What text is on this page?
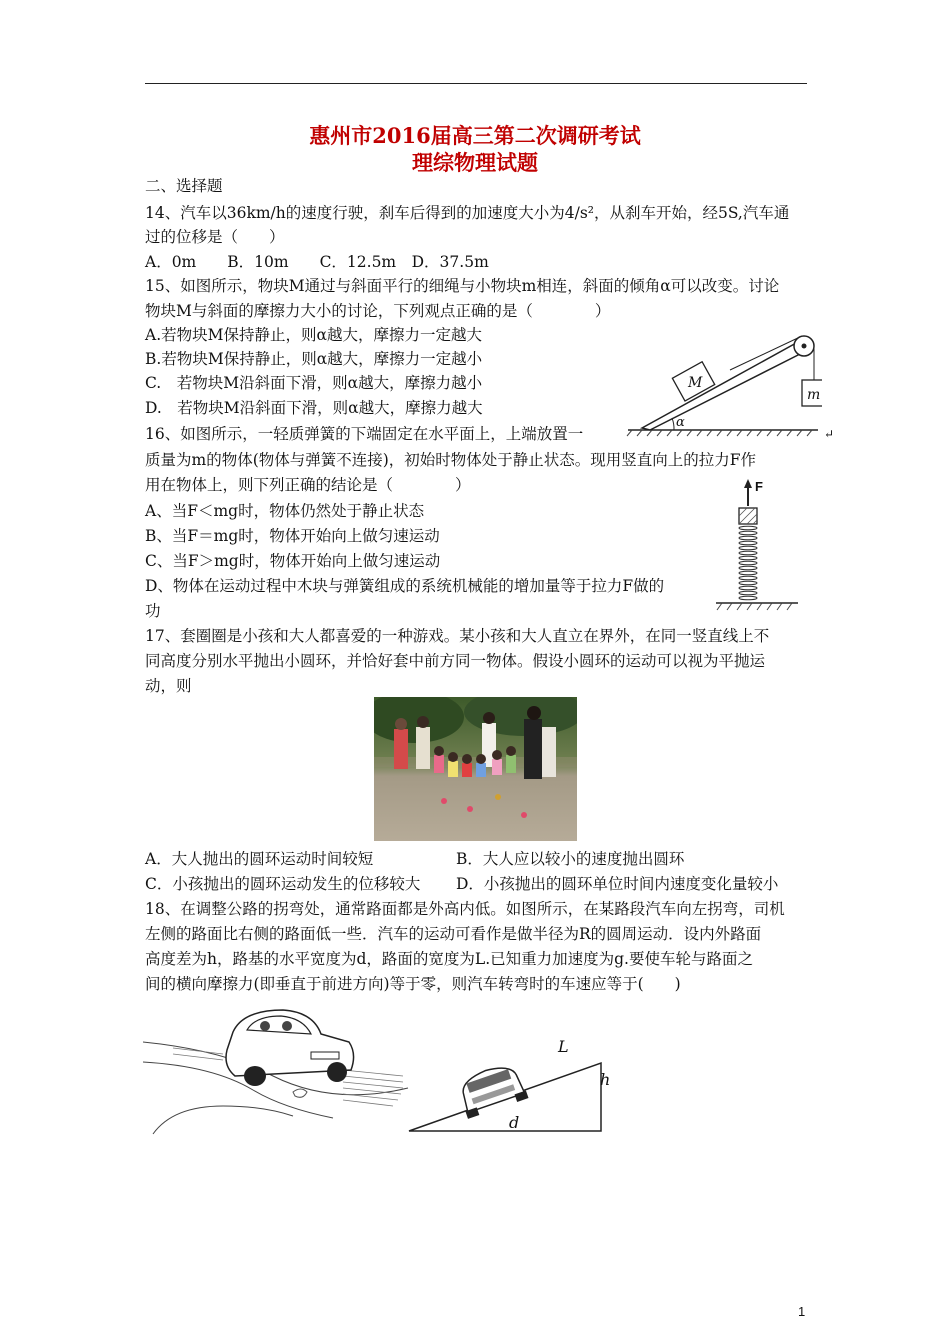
惠州市2016届高三第二次调研考试
理综物理试题
二、选择题
14、汽车以36km/h的速度行驶，刹车后得到的加速度大小为4/s²，从刹车开始，经5S,汽车通
过的位移是（　　）
A．0m　　B．10m　　C．12.5m　D．37.5m
15、如图所示，物块M通过与斜面平行的细绳与小物块m相连，斜面的倾角α可以改变。讨论
物块M与斜面的摩擦力大小的讨论，下列观点正确的是（　　　　）
A.若物块M保持静止，则α越大，摩擦力一定越大
B.若物块M保持静止，则α越大，摩擦力一定越小
C.　若物块M沿斜面下滑，则α越大，摩擦力越小
D.　若物块M沿斜面下滑，则α越大，摩擦力越大
M
m
α
↵
16、如图所示，一轻质弹簧的下端固定在水平面上，上端放置一
质量为m的物体(物体与弹簧不连接)，初始时物体处于静止状态。现用竖直向上的拉力F作
用在物体上，则下列正确的结论是（　　　　）
A、当F＜mg时，物体仍然处于静止状态
B、当F＝mg时，物体开始向上做匀速运动
C、当F＞mg时，物体开始向上做匀速运动
D、物体在运动过程中木块与弹簧组成的系统机械能的增加量等于拉力F做的
功
F
17、套圈圈是小孩和大人都喜爱的一种游戏。某小孩和大人直立在界外，在同一竖直线上不
同高度分别水平抛出小圆环，并恰好套中前方同一物体。假设小圆环的运动可以视为平抛运
动，则
A．大人抛出的圆环运动时间较短	B．大人应以较小的速度抛出圆环
C．小孩抛出的圆环运动发生的位移较大 D．小孩抛出的圆环单位时间内速度变化量较小
18、在调整公路的拐弯处，通常路面都是外高内低。如图所示，在某路段汽车向左拐弯，司机
左侧的路面比右侧的路面低一些．汽车的运动可看作是做半径为R的圆周运动．设内外路面
高度差为h，路基的水平宽度为d，路面的宽度为L.已知重力加速度为g.要使车轮与路面之
间的横向摩擦力(即垂直于前进方向)等于零，则汽车转弯时的车速应等于(　　)
L
h
d
1
